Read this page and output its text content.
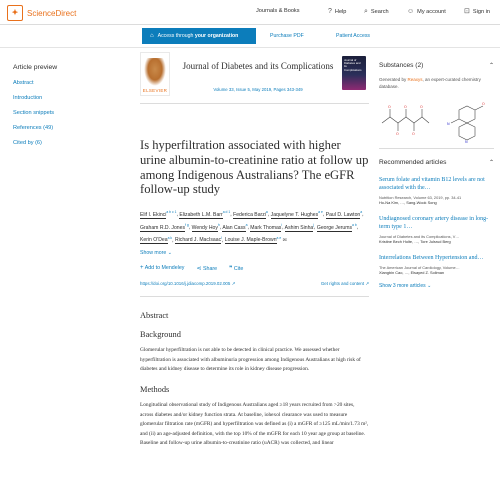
✦	ScienceDirect	Journals & Books	? Help	⌕ Search	☺ My account	⊡ Sign in
⌂ Access through your organization	Purchase PDF	Patient Access
Article preview
Abstract
Introduction
Section snippets
References (49)
Cited by (6)
ELSEVIER
Journal of Diabetes and its Complications
Volume 33, Issue 5, May 2019, Pages 343-349
Journal of Diabetes and its Complications
Is hyperfiltration associated with higher urine albumin-to-creatinine ratio at follow up among Indigenous Australians? The eGFR follow-up study
Elif I. Ekinci$^{a b c 1}$, Elizabeth L.M. Barr$^{a d 1}$, Federica Barzi$^a$, Jaquelyne T. Hughes$^{a e}$, Paul D. Lawton$^a$, Graham R.D. Jones$^{f g}$, Wendy Hoy$^h$, Alan Cass$^a$, Mark Thomas$^i$, Ashim Sinha$^j$, George Jerums$^{a b}$, Kerin O'Dea$^{a k}$, Richard J. MacIsaac$^l$, Louise J. Maple-Brown$^{a e}$ ✉
Show more ⌄
+ Add to Mendeley ⋖ Share ❞ Cite
https://doi.org/10.1016/j.jdiacomp.2019.02.005 ↗	Get rights and content ↗
Abstract
Background
Glomerular hyperfiltration is not able to be detected in clinical practice. We assessed whether hyperfiltration is associated with albuminuria progression among Indigenous Australians at high risk of diabetes and kidney disease to determine its role in kidney disease progression.
Methods
Longitudinal observational study of Indigenous Australians aged ≥18 years recruited from >20 sites, across diabetes and/or kidney function strata. At baseline, iohexol clearance was used to measure glomerular filtration rate (mGFR) and hyperfiltration was defined as (i) a mGFR of ≥125 mL/min/1.73 m², and (ii) an age-adjusted definition, with the top 10% of the mGFR for each 10 year age group at baseline. Baseline and follow-up urine albumin-to-creatinine ratio (uACR) was collected, and linear
Substances (2)	⌃
Generated by Reaxys, an expert-curated chemistry database.
O
O
O
O
O
O
N
N
Recommended articles	⌃
Serum folate and vitamin B12 levels are not associated with the…
Nutrition Research, Volume 63, 2019, pp. 34-41
Ho-Na Kim, …, Sang-Wook Song
Undiagnosed coronary artery disease in long-term type 1…
Journal of Diabetes and its Complications, V…
Kristine Bech Holte, …, Tore Julsrud Berg
Interrelations Between Hypertension and…
The American Journal of Cardiology, Volume…
Xiangbin Cao, …, Elsayed Z. Soliman
Show 3 more articles ⌄
